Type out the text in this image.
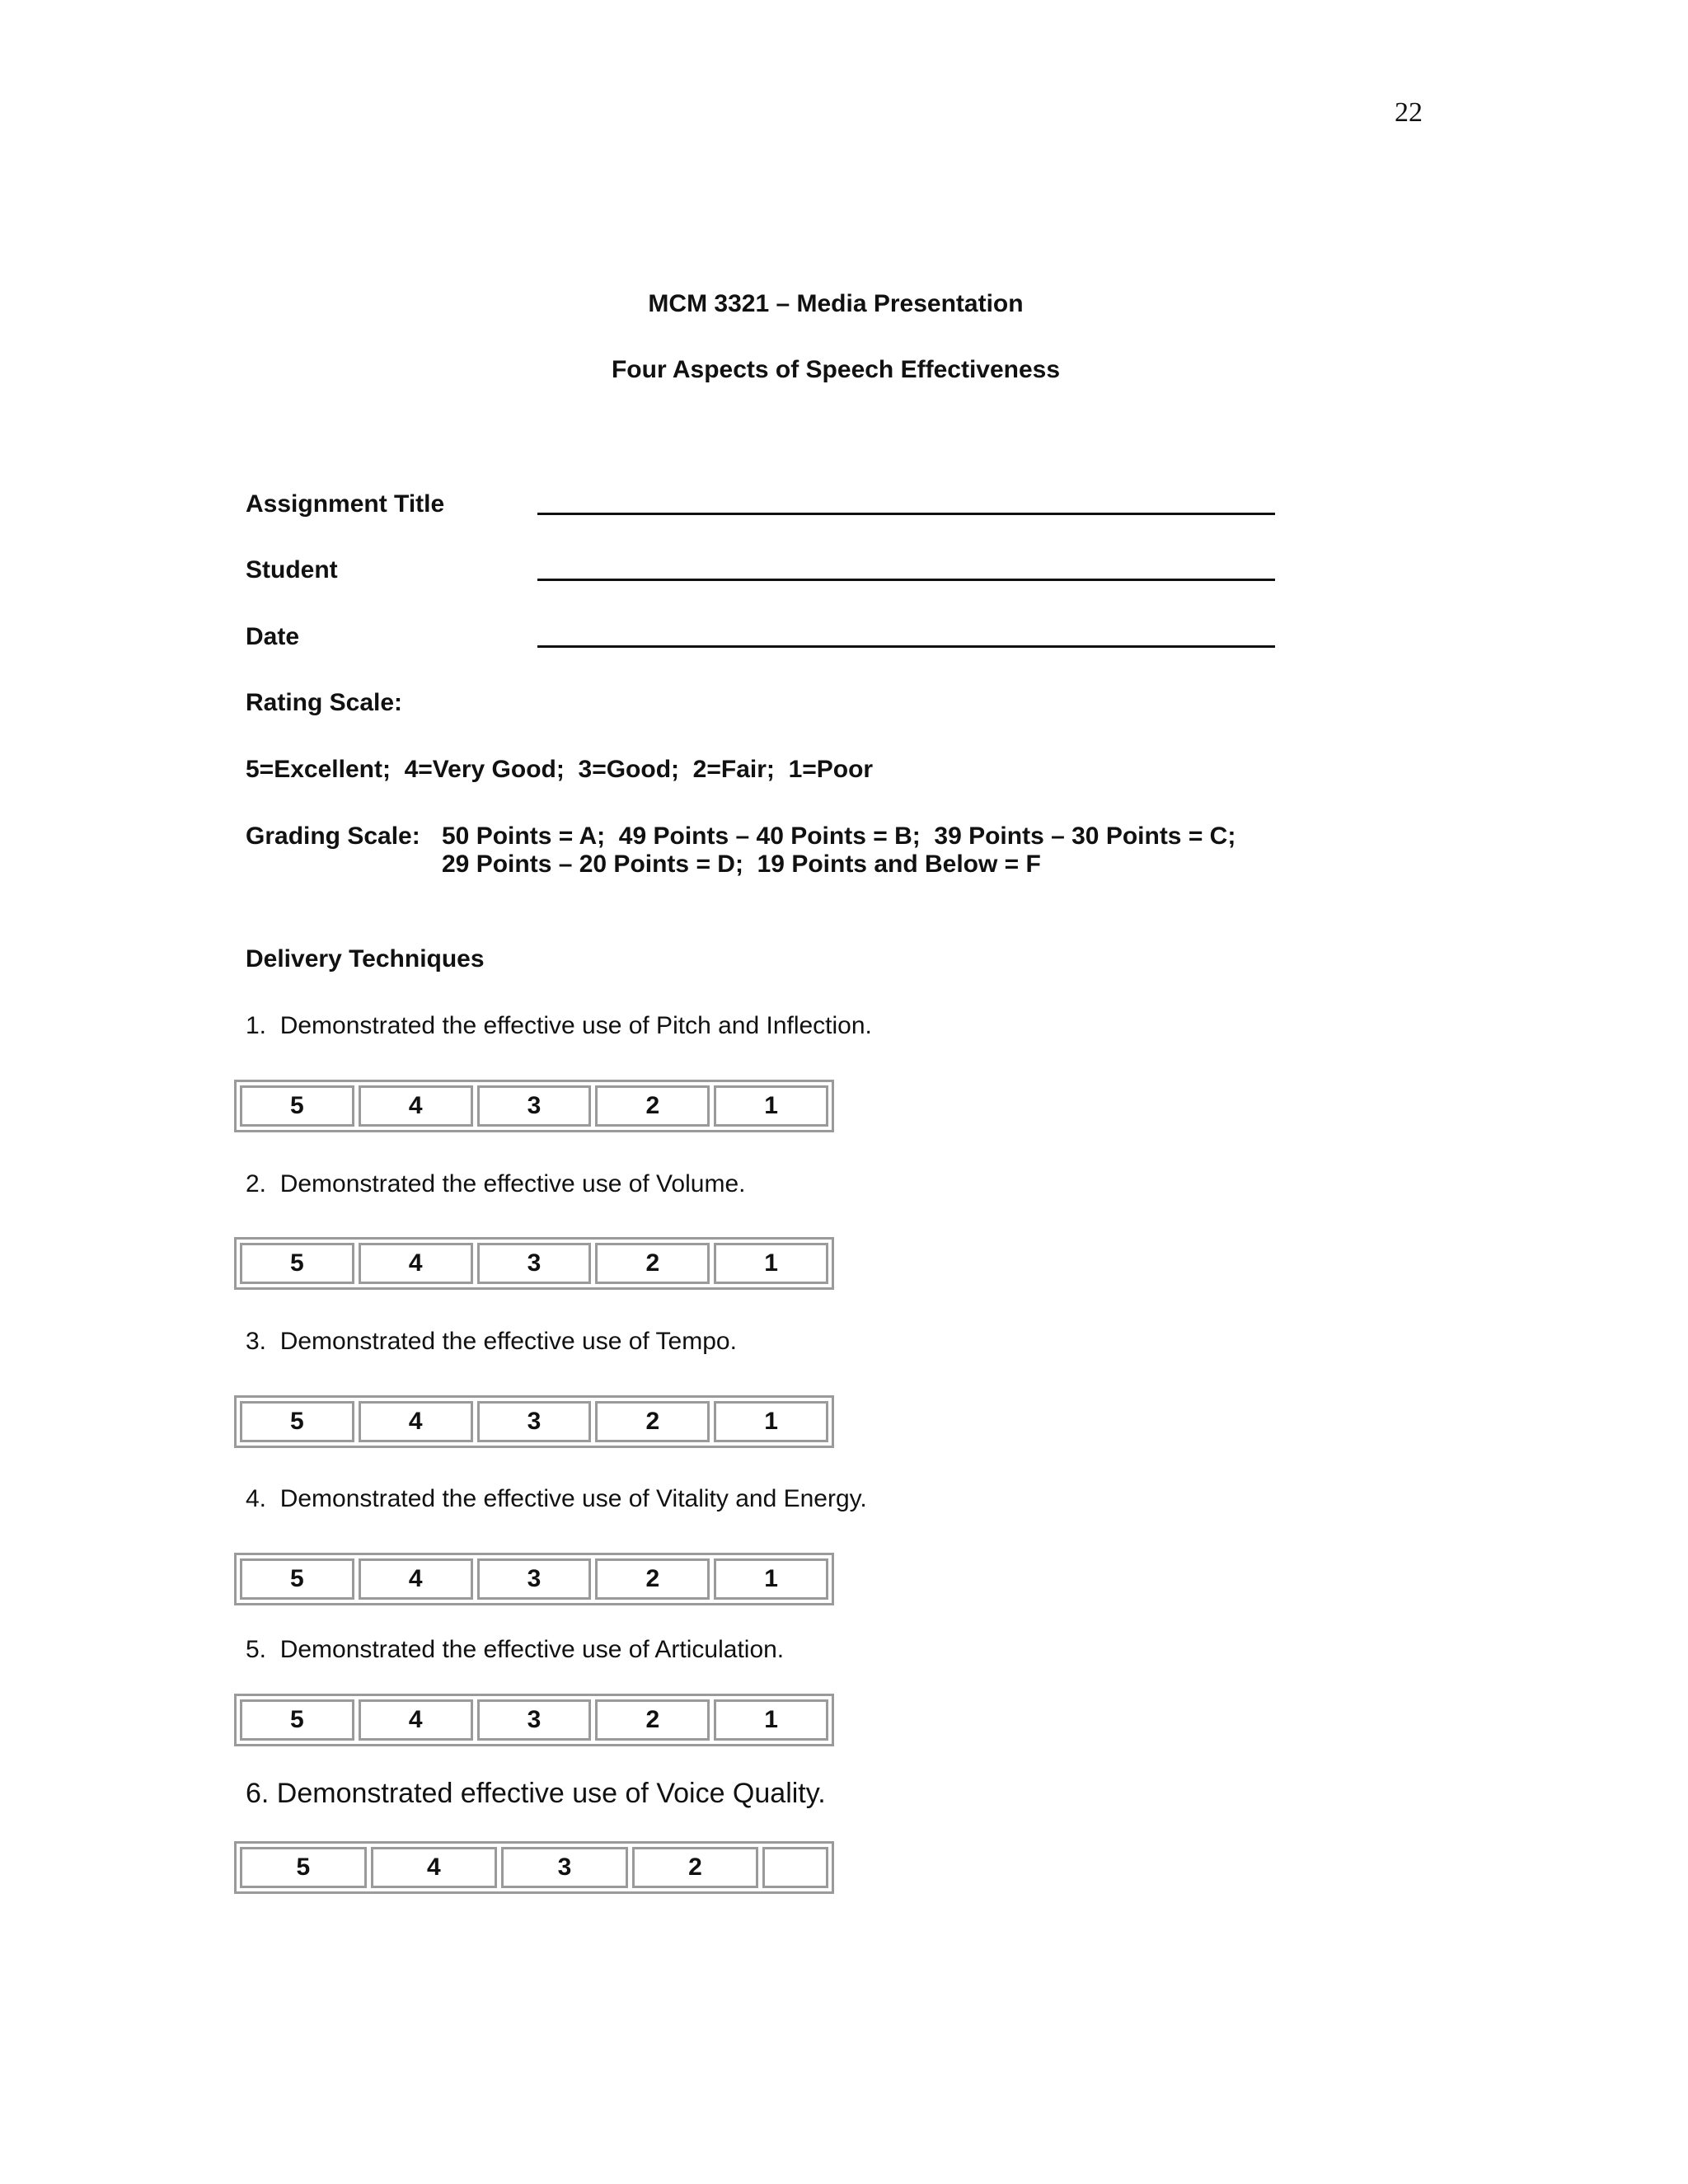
22
MCM 3321 – Media Presentation
Four Aspects of Speech Effectiveness
Assignment Title
Student
Date
Rating Scale:
5=Excellent;  4=Very Good;  3=Good;  2=Fair;  1=Poor
Grading Scale: 50 Points = A;  49 Points – 40 Points = B;  39 Points – 30 Points = C;
29 Points – 20 Points = D;  19 Points and Below = F
Delivery Techniques
1.  Demonstrated the effective use of Pitch and Inflection.
5	4	3	2	1
2.  Demonstrated the effective use of Volume.
5	4	3	2	1
3.  Demonstrated the effective use of Tempo.
5	4	3	2	1
4.  Demonstrated the effective use of Vitality and Energy.
5	4	3	2	1
5.  Demonstrated the effective use of Articulation.
5	4	3	2	1
6. Demonstrated effective use of Voice Quality.
5	4	3	2
